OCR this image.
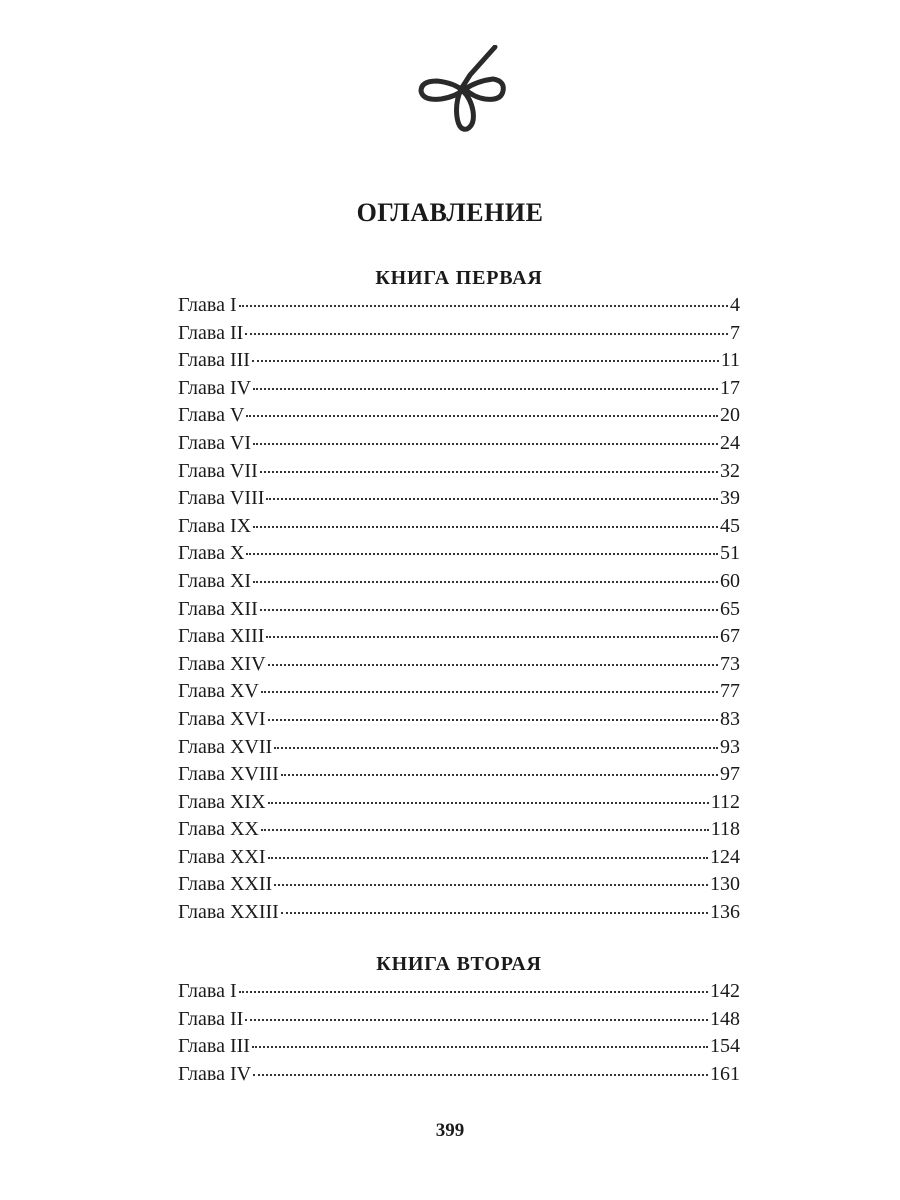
ОГЛАВЛЕНИЕ
КНИГА ПЕРВАЯ
Глава I	4
Глава II	7
Глава III	11
Глава IV	17
Глава V	20
Глава VI	24
Глава VII	32
Глава VIII	39
Глава IX	45
Глава X	51
Глава XI	60
Глава XII	65
Глава XIII	67
Глава XIV	73
Глава XV	77
Глава XVI	83
Глава XVII	93
Глава XVIII	97
Глава XIX	112
Глава XX	118
Глава XXI	124
Глава XXII	130
Глава XXIII	136
КНИГА ВТОРАЯ
Глава I	142
Глава II	148
Глава III	154
Глава IV	161
399
